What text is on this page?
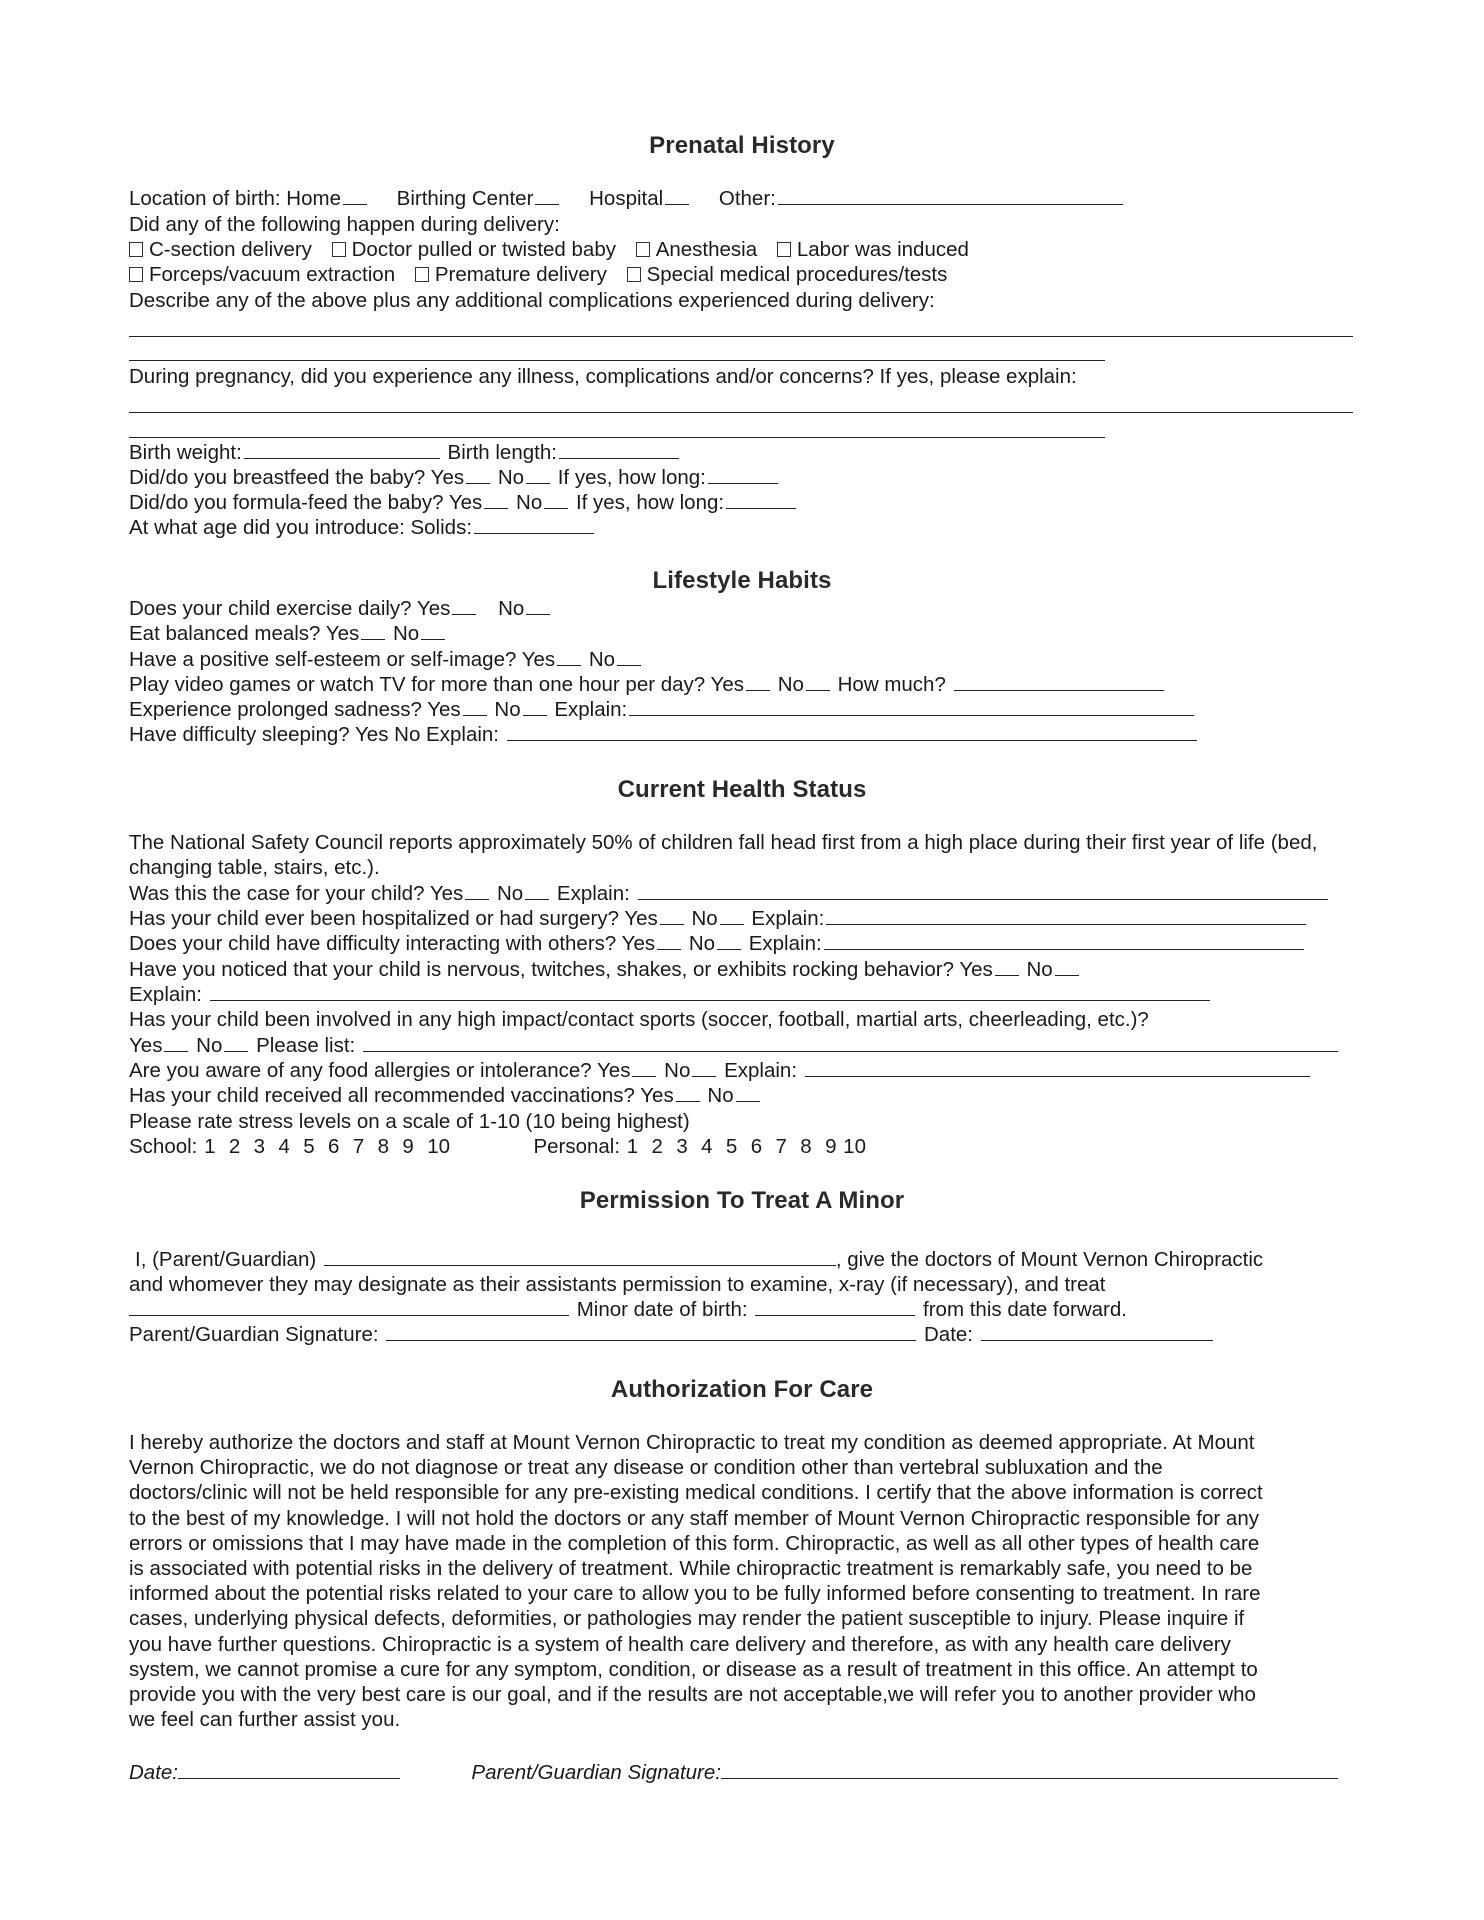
Prenatal History
Location of birth: Home	Birthing Center	Hospital	Other:
Did any of the following happen during delivery:
C-section delivery Doctor pulled or twisted baby Anesthesia Labor was induced
Forceps/vacuum extraction Premature delivery Special medical procedures/tests
Describe any of the above plus any additional complications experienced during delivery:
During pregnancy, did you experience any illness, complications and/or concerns? If yes, please explain:
Birth weight:	Birth length:
Did/do you breastfeed the baby? Yes No If yes, how long:
Did/do you formula-feed the baby? Yes No If yes, how long:
At what age did you introduce: Solids:
Lifestyle Habits
Does your child exercise daily? Yes No
Eat balanced meals? Yes No
Have a positive self-esteem or self-image? Yes No
Play video games or watch TV for more than one hour per day? Yes No How much?
Experience prolonged sadness? Yes No Explain:
Have difficulty sleeping? Yes No Explain:
Current Health Status
The National Safety Council reports approximately 50% of children fall head first from a high place during their first year of life (bed, changing table, stairs, etc.).
Was this the case for your child? Yes No Explain:
Has your child ever been hospitalized or had surgery? Yes No Explain:
Does your child have difficulty interacting with others? Yes No Explain:
Have you noticed that your child is nervous, twitches, shakes, or exhibits rocking behavior? Yes No
Explain:
Has your child been involved in any high impact/contact sports (soccer, football, martial arts, cheerleading, etc.)?
Yes No Please list:
Are you aware of any food allergies or intolerance? Yes No Explain:
Has your child received all recommended vaccinations? Yes No
Please rate stress levels on a scale of 1-10 (10 being highest)
School: 1  2  3  4  5  6  7  8  9  10	Personal: 1  2  3  4  5  6  7  8  9 10
Permission To Treat A Minor
I, (Parent/Guardian)	, give the doctors of Mount Vernon Chiropractic
and whomever they may designate as their assistants permission to examine, x-ray (if necessary), and treat
Minor date of birth:	from this date forward.
Parent/Guardian Signature:	Date:
Authorization For Care
I hereby authorize the doctors and staff at Mount Vernon Chiropractic to treat my condition as deemed appropriate. At Mount
Vernon Chiropractic, we do not diagnose or treat any disease or condition other than vertebral subluxation and the
doctors/clinic will not be held responsible for any pre-existing medical conditions. I certify that the above information is correct
to the best of my knowledge. I will not hold the doctors or any staff member of Mount Vernon Chiropractic responsible for any
errors or omissions that I may have made in the completion of this form. Chiropractic, as well as all other types of health care
is associated with potential risks in the delivery of treatment. While chiropractic treatment is remarkably safe, you need to be
informed about the potential risks related to your care to allow you to be fully informed before consenting to treatment. In rare
cases, underlying physical defects, deformities, or pathologies may render the patient susceptible to injury. Please inquire if
you have further questions. Chiropractic is a system of health care delivery and therefore, as with any health care delivery
system, we cannot promise a cure for any symptom, condition, or disease as a result of treatment in this office. An attempt to
provide you with the very best care is our goal, and if the results are not acceptable,we will refer you to another provider who
we feel can further assist you.
Date:	Parent/Guardian Signature:
